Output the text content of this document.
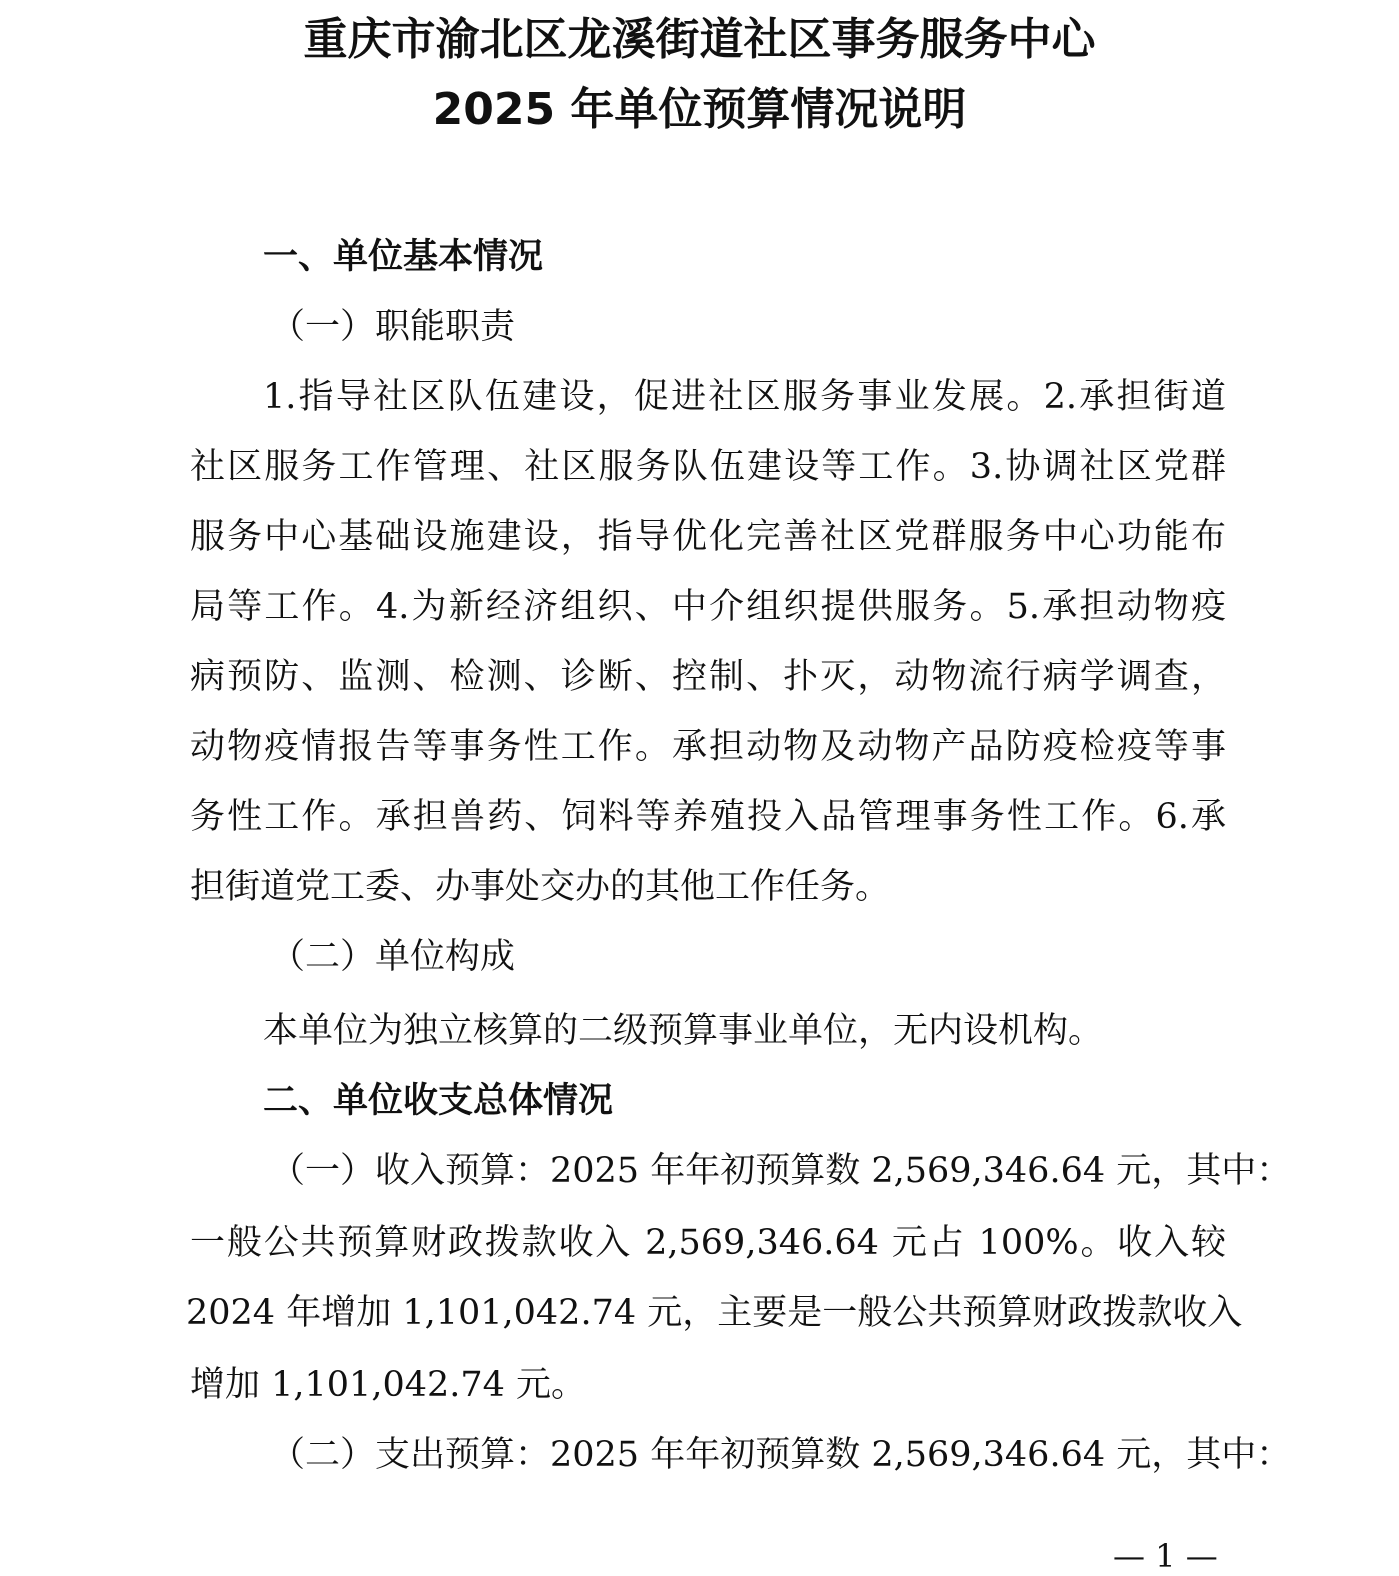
重庆市渝北区龙溪街道社区事务服务中心
2025 年单位预算情况说明
一、单位基本情况
（一）职能职责
1.指导社区队伍建设，促进社区服务事业发展。2.承担街道
社区服务工作管理、社区服务队伍建设等工作。3.协调社区党群
服务中心基础设施建设，指导优化完善社区党群服务中心功能布
局等工作。4.为新经济组织、中介组织提供服务。5.承担动物疫
病预防、监测、检测、诊断、控制、扑灭，动物流行病学调查，
动物疫情报告等事务性工作。承担动物及动物产品防疫检疫等事
务性工作。承担兽药、饲料等养殖投入品管理事务性工作。6.承
担街道党工委、办事处交办的其他工作任务。
（二）单位构成
本单位为独立核算的二级预算事业单位，无内设机构。
二、单位收支总体情况
（一）收入预算：2025 年年初预算数 2,569,346.64 元，其中：
一般公共预算财政拨款收入 2,569,346.64 元占 100%。收入较
2024 年增加 1,101,042.74 元，主要是一般公共预算财政拨款收入
增加 1,101,042.74 元。
（二）支出预算：2025 年年初预算数 2,569,346.64 元，其中：
— 1 —
